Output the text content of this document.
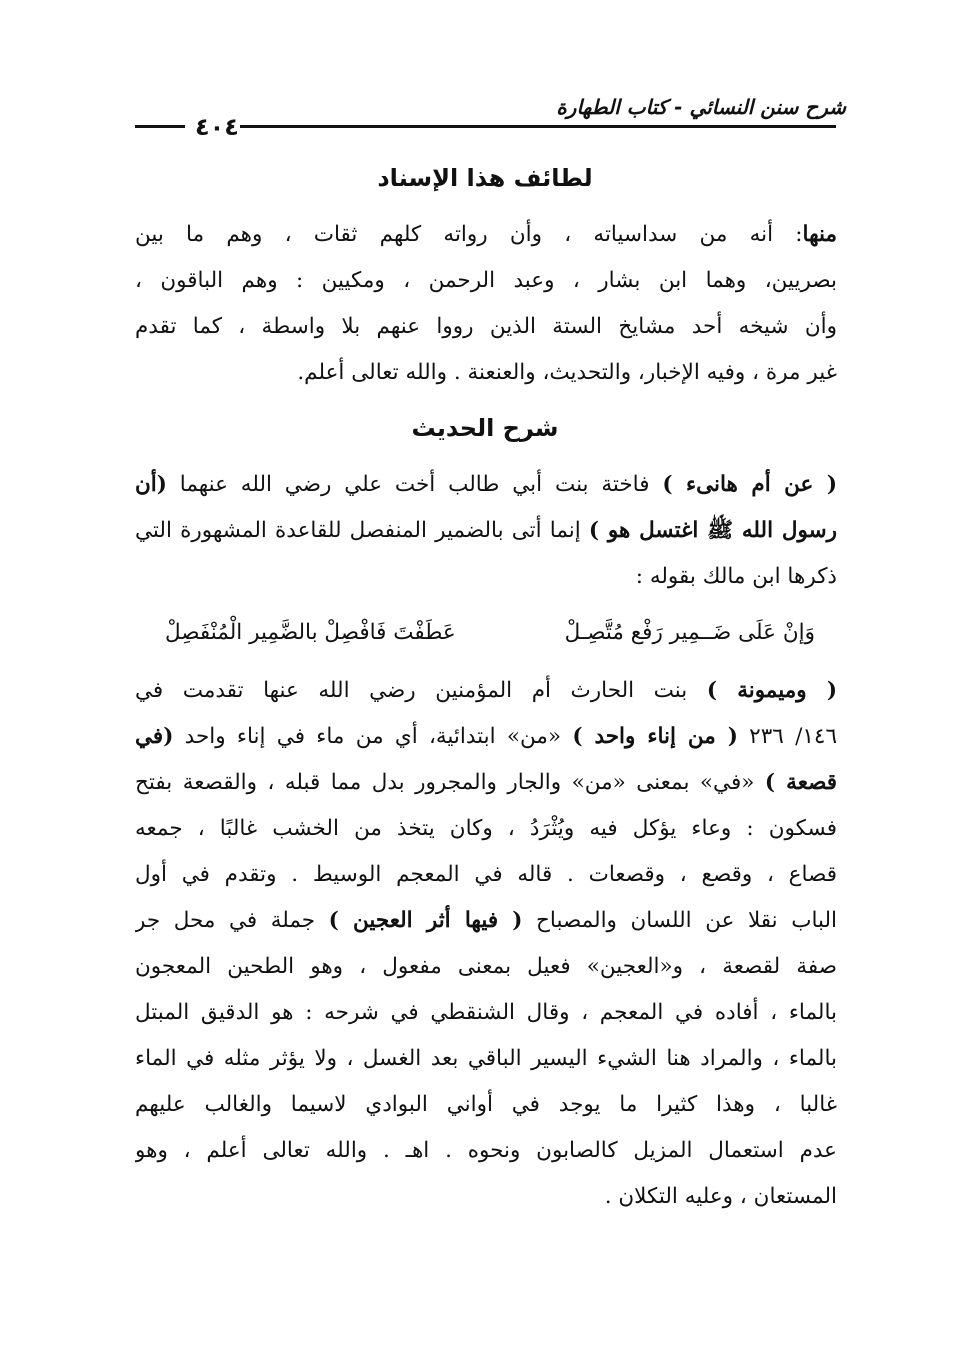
شرح سنن النسائي - كتاب الطهارة
٤٠٤
لطائف هذا الإسناد
منها: أنه من سداسياته ، وأن رواته كلهم ثقات ، وهم ما بين
بصريين، وهما ابن بشار ، وعبد الرحمن ، ومكيين : وهم الباقون ،
وأن شيخه أحد مشايخ الستة الذين رووا عنهم بلا واسطة ، كما تقدم
غير مرة ، وفيه الإخبار، والتحديث، والعنعنة . والله تعالى أعلم.
شرح الحديث
( عن أم هانىء ) فاختة بنت أبي طالب أخت علي رضي الله عنهما (أن
رسول الله ﷺ اغتسل هو ) إنما أتى بالضمير المنفصل للقاعدة المشهورة التي
ذكرها ابن مالك بقوله :
وَإنْ عَلَى ضَــمِير رَفْع مُتَّصِـلْ
عَطَفْتَ فَافْصِلْ بالضَّمِير الْمُنْفَصِلْ
( وميمونة ) بنت الحارث أم المؤمنين رضي الله عنها تقدمت في
١٤٦/ ٢٣٦ ( من إناء واحد ) «من» ابتدائية، أي من ماء في إناء واحد (في
قصعة ) «في» بمعنى «من» والجار والمجرور بدل مما قبله ، والقصعة بفتح
فسكون : وعاء يؤكل فيه ويُثْرَدُ ، وكان يتخذ من الخشب غالبًا ، جمعه
قصاع ، وقصع ، وقصعات . قاله في المعجم الوسيط . وتقدم في أول
الباب نقلا عن اللسان والمصباح ( فيها أثر العجين ) جملة في محل جر
صفة لقصعة ، و«العجين» فعيل بمعنى مفعول ، وهو الطحين المعجون
بالماء ، أفاده في المعجم ، وقال الشنقطي في شرحه : هو الدقيق المبتل
بالماء ، والمراد هنا الشيء اليسير الباقي بعد الغسل ، ولا يؤثر مثله في الماء
غالبا ، وهذا كثيرا ما يوجد في أواني البوادي لاسيما والغالب عليهم
عدم استعمال المزيل كالصابون ونحوه . اهـ . والله تعالى أعلم ، وهو
المستعان ، وعليه التكلان .
